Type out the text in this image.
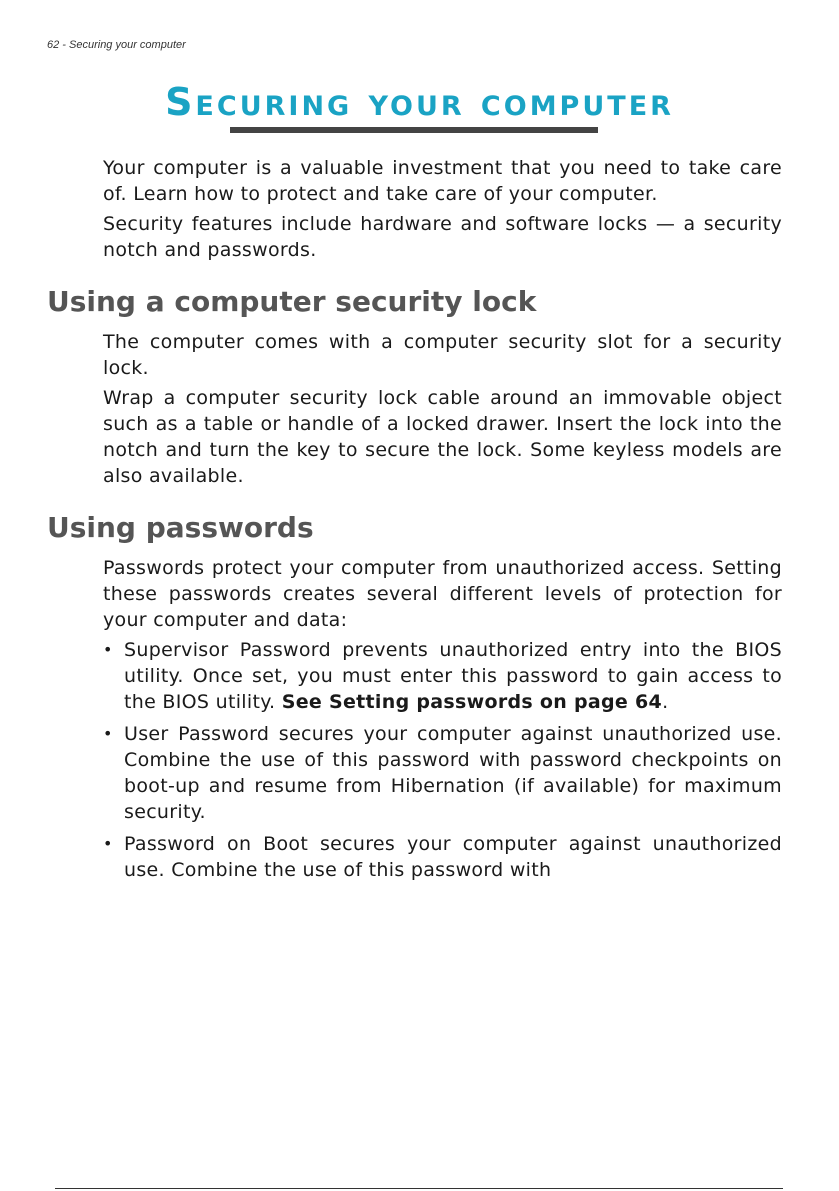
62 - Securing your computer
Securing your computer

Your computer is a valuable investment that you need to take care of. Learn how to protect and take care of your computer.

Security features include hardware and software locks — a security notch and passwords.

Using a computer security lock

The computer comes with a computer security slot for a security lock.

Wrap a computer security lock cable around an immovable object such as a table or handle of a locked drawer. Insert the lock into the notch and turn the key to secure the lock. Some keyless models are also available.

Using passwords

Passwords protect your computer from unauthorized access. Setting these passwords creates several different levels of protection for your computer and data:

• Supervisor Password prevents unauthorized entry into the BIOS utility. Once set, you must enter this password to gain access to the BIOS utility. See Setting passwords on page 64.
• User Password secures your computer against unauthorized use. Combine the use of this password with password checkpoints on boot-up and resume from Hibernation (if available) for maximum security.
• Password on Boot secures your computer against unauthorized use. Combine the use of this password with
